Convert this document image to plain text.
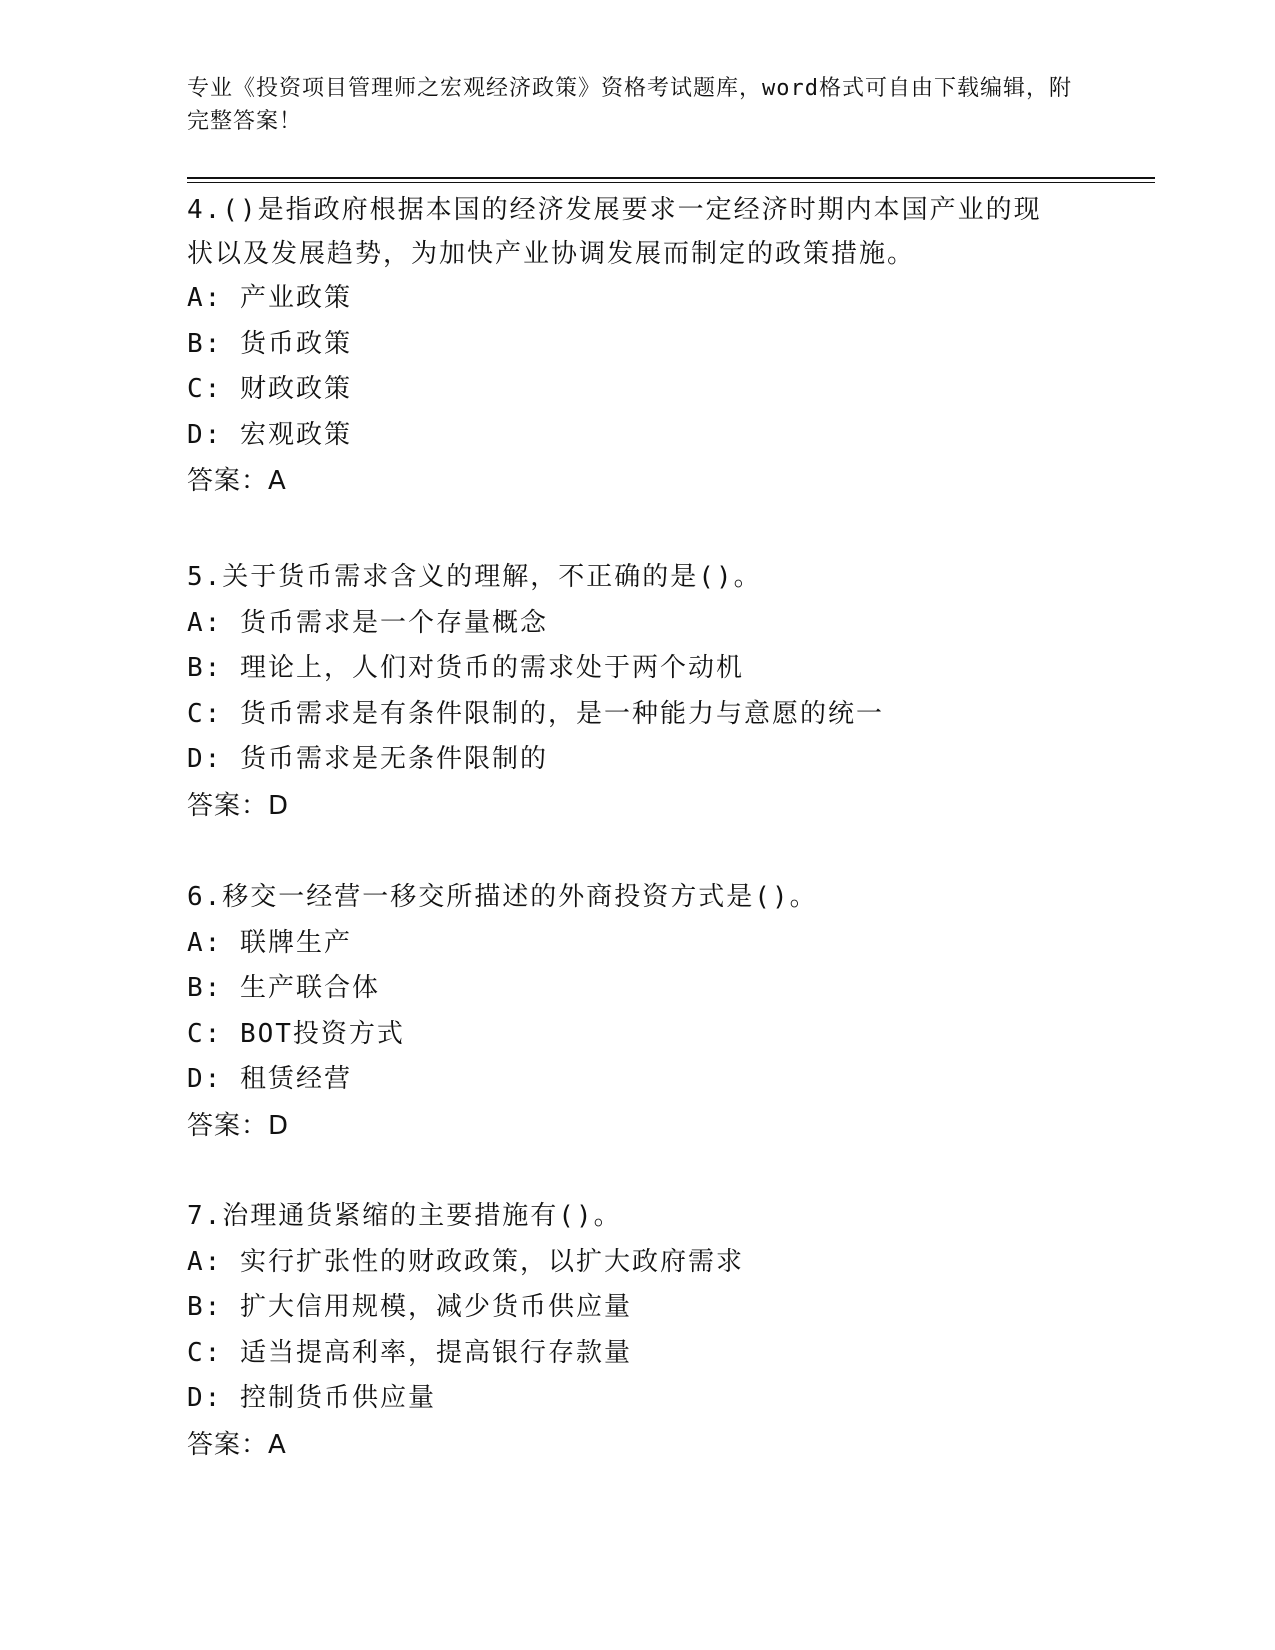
专业《投资项目管理师之宏观经济政策》资格考试题库，word格式可自由下载编辑，附完整答案！
4.()是指政府根据本国的经济发展要求一定经济时期内本国产业的现状以及发展趋势，为加快产业协调发展而制定的政策措施。
A: 产业政策
B: 货币政策
C: 财政政策
D: 宏观政策
答案：A
5.关于货币需求含义的理解，不正确的是()。
A: 货币需求是一个存量概念
B: 理论上，人们对货币的需求处于两个动机
C: 货币需求是有条件限制的，是一种能力与意愿的统一
D: 货币需求是无条件限制的
答案：D
6.移交一经营一移交所描述的外商投资方式是()。
A: 联牌生产
B: 生产联合体
C: BOT投资方式
D: 租赁经营
答案：D
7.治理通货紧缩的主要措施有()。
A: 实行扩张性的财政政策，以扩大政府需求
B: 扩大信用规模，减少货币供应量
C: 适当提高利率，提高银行存款量
D: 控制货币供应量
答案：A
